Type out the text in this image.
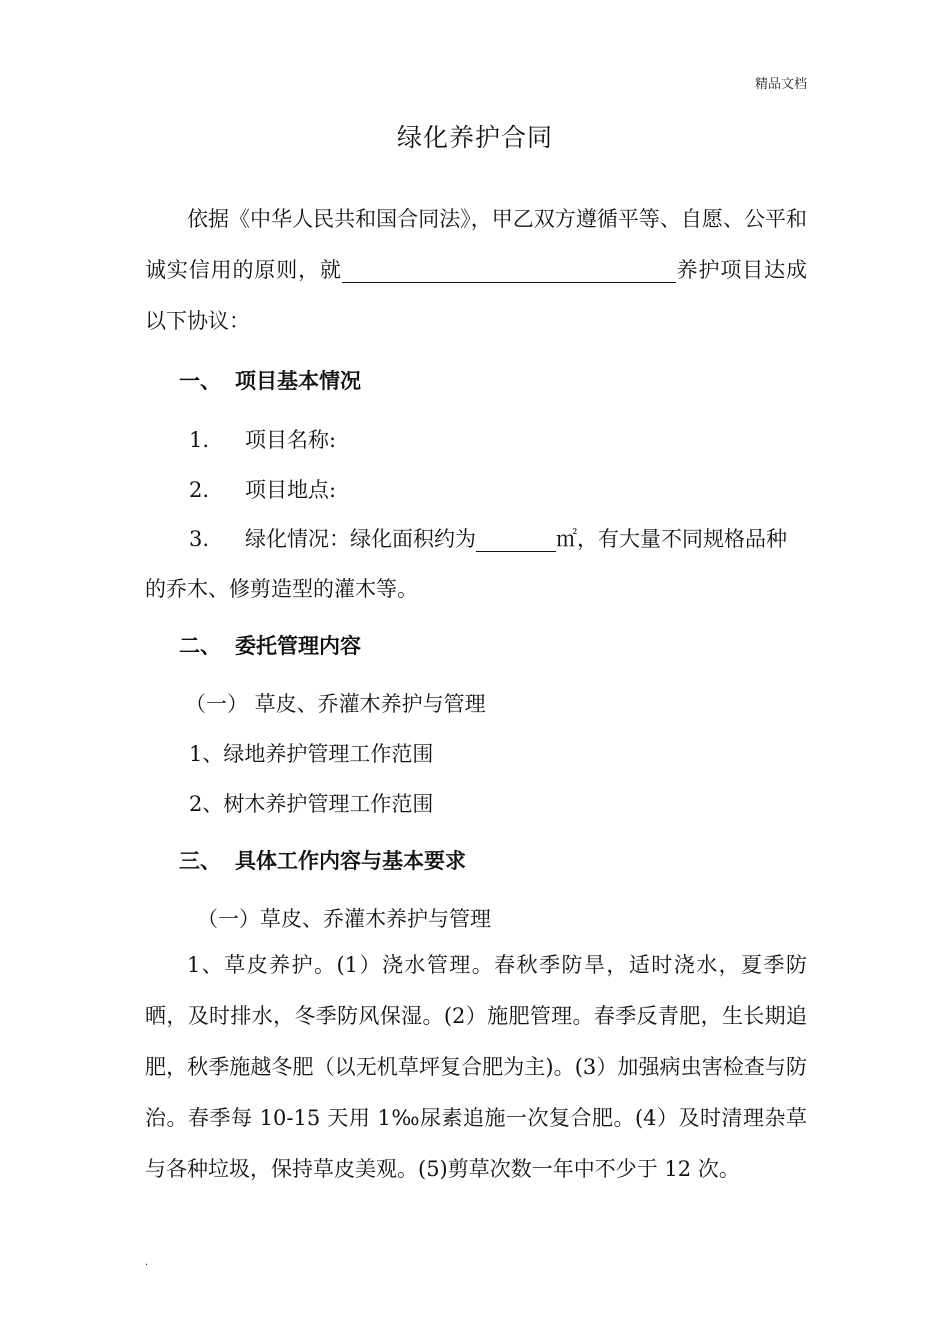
精品文档
绿化养护合同

依据《中华人民共和国合同法》，甲乙双方遵循平等、自愿、公平和诚实信用的原则，就	养护项目达成以下协议：

一、 项目基本情况
1. 项目名称:
2. 项目地点:
3. 绿化情况：绿化面积约为	㎡，有大量不同规格品种
的乔木、修剪造型的灌木等。
二、 委托管理内容
（一） 草皮、乔灌木养护与管理
1、绿地养护管理工作范围
2、树木养护管理工作范围
三、 具体工作内容与基本要求
（一）草皮、乔灌木养护与管理

1、草皮养护。(1）浇水管理。春秋季防旱，适时浇水，夏季防晒，及时排水，冬季防风保湿。(2）施肥管理。春季反青肥，生长期追肥，秋季施越冬肥（以无机草坪复合肥为主)。(3）加强病虫害检查与防治。春季每 10-15 天用 1‰尿素追施一次复合肥。(4）及时清理杂草与各种垃圾，保持草皮美观。(5)剪草次数一年中不少于 12 次。

.
